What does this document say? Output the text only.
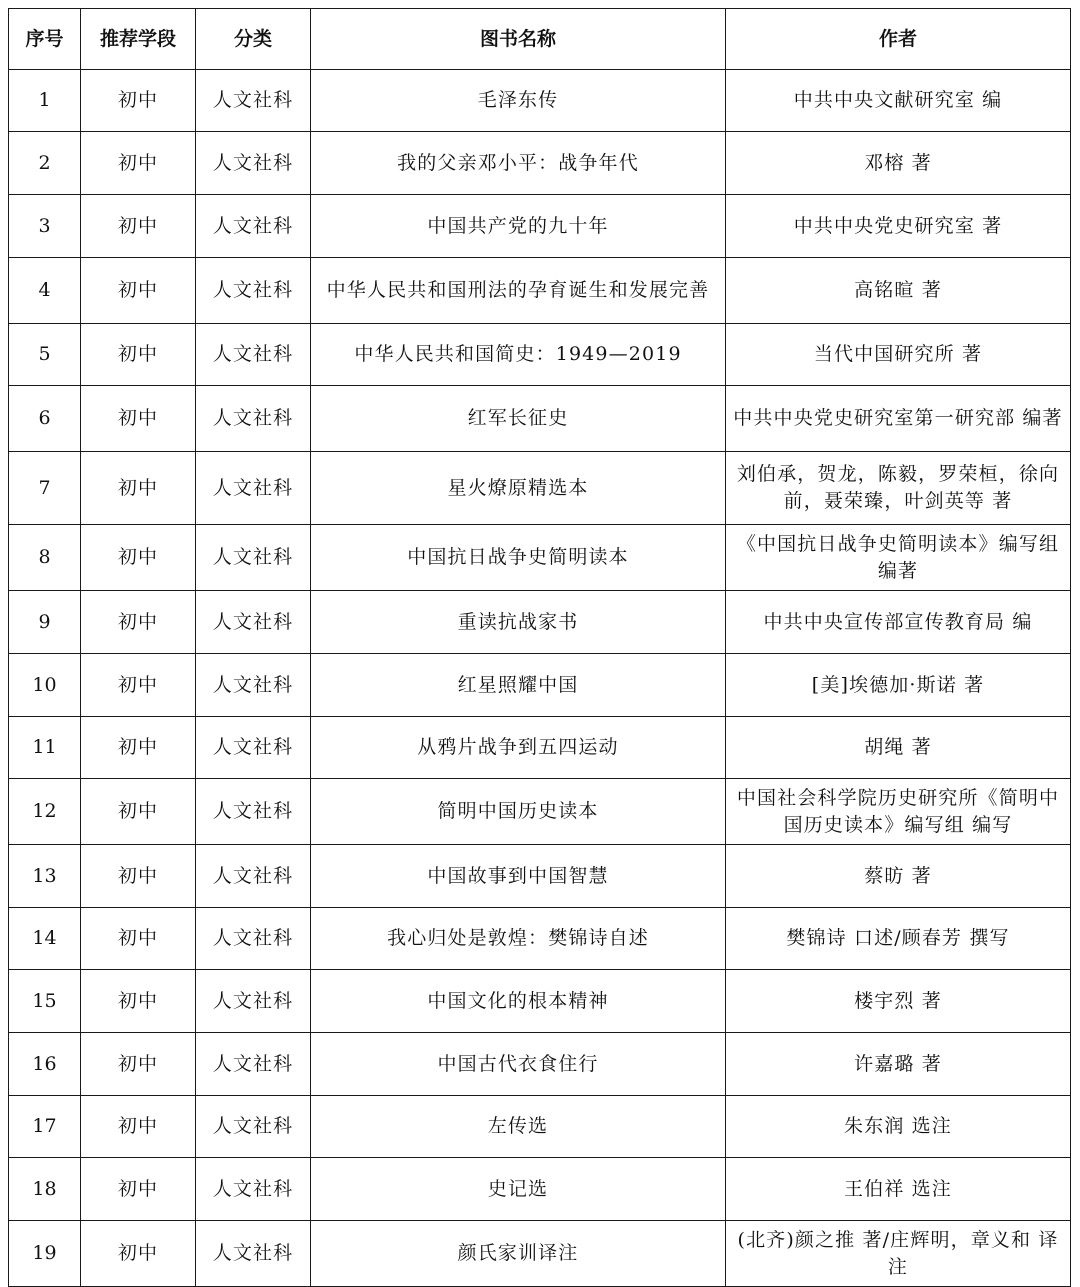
序号	推荐学段	分类	图书名称	作者
1	初中	人文社科	毛泽东传	中共中央文献研究室 编
2	初中	人文社科	我的父亲邓小平：战争年代	邓榕 著
3	初中	人文社科	中国共产党的九十年	中共中央党史研究室 著
4	初中	人文社科	中华人民共和国刑法的孕育诞生和发展完善	高铭暄 著
5	初中	人文社科	中华人民共和国简史：1949—2019	当代中国研究所 著
6	初中	人文社科	红军长征史	中共中央党史研究室第一研究部 编著
7	初中	人文社科	星火燎原精选本	刘伯承，贺龙，陈毅，罗荣桓，徐向前，聂荣臻，叶剑英等 著
8	初中	人文社科	中国抗日战争史简明读本	《中国抗日战争史简明读本》编写组 编著
9	初中	人文社科	重读抗战家书	中共中央宣传部宣传教育局 编
10	初中	人文社科	红星照耀中国	[美]埃德加·斯诺 著
11	初中	人文社科	从鸦片战争到五四运动	胡绳 著
12	初中	人文社科	简明中国历史读本	中国社会科学院历史研究所《简明中国历史读本》编写组 编写
13	初中	人文社科	中国故事到中国智慧	蔡昉 著
14	初中	人文社科	我心归处是敦煌：樊锦诗自述	樊锦诗 口述/顾春芳 撰写
15	初中	人文社科	中国文化的根本精神	楼宇烈 著
16	初中	人文社科	中国古代衣食住行	许嘉璐 著
17	初中	人文社科	左传选	朱东润 选注
18	初中	人文社科	史记选	王伯祥 选注
19	初中	人文社科	颜氏家训译注	(北齐)颜之推 著/庄辉明，章义和 译注
